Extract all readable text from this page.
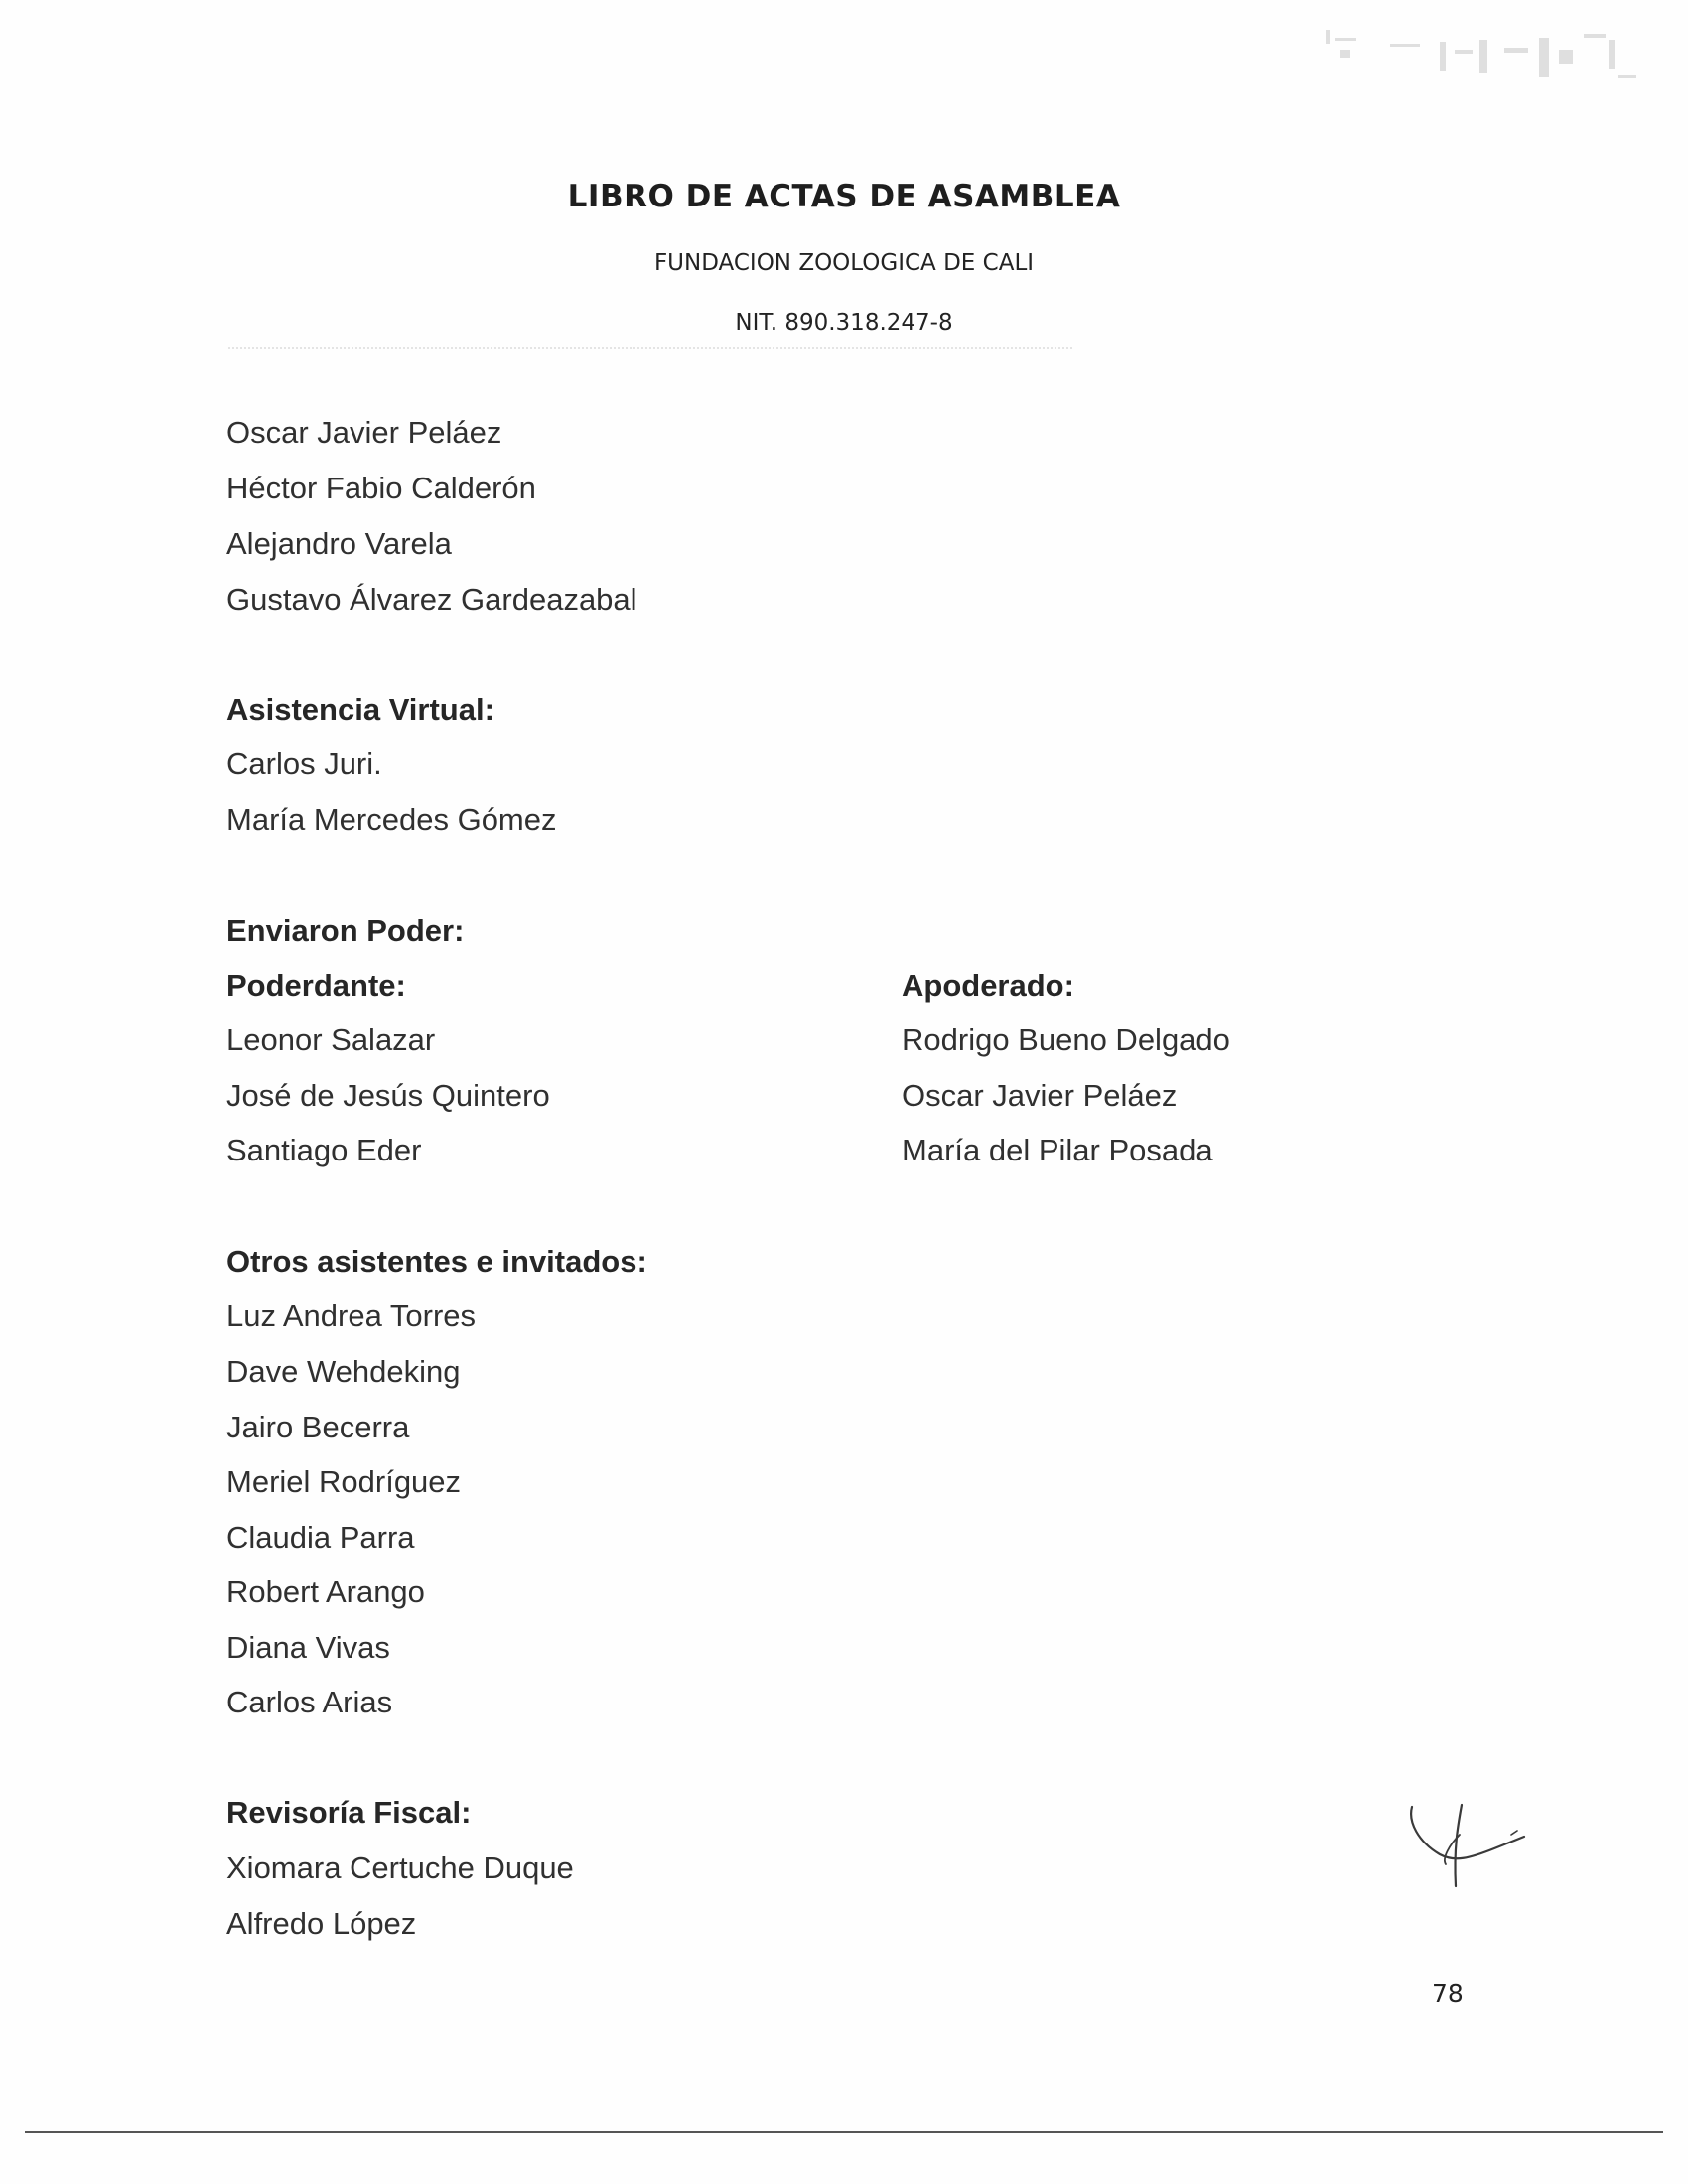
LIBRO DE ACTAS DE ASAMBLEA
FUNDACION ZOOLOGICA DE CALI
NIT. 890.318.247-8
Oscar Javier Peláez
Héctor Fabio Calderón
Alejandro Varela
Gustavo Álvarez Gardeazabal
Asistencia Virtual:
Carlos Juri.
María Mercedes Gómez
Enviaron Poder:
Poderdante:	Apoderado:
Leonor Salazar
José de Jesús Quintero
Santiago Eder
Rodrigo Bueno Delgado
Oscar Javier Peláez
María del Pilar Posada
Otros asistentes e invitados:
Luz Andrea Torres
Dave Wehdeking
Jairo Becerra
Meriel Rodríguez
Claudia Parra
Robert Arango
Diana Vivas
Carlos Arias
Revisoría Fiscal:
Xiomara Certuche Duque
Alfredo López
78
